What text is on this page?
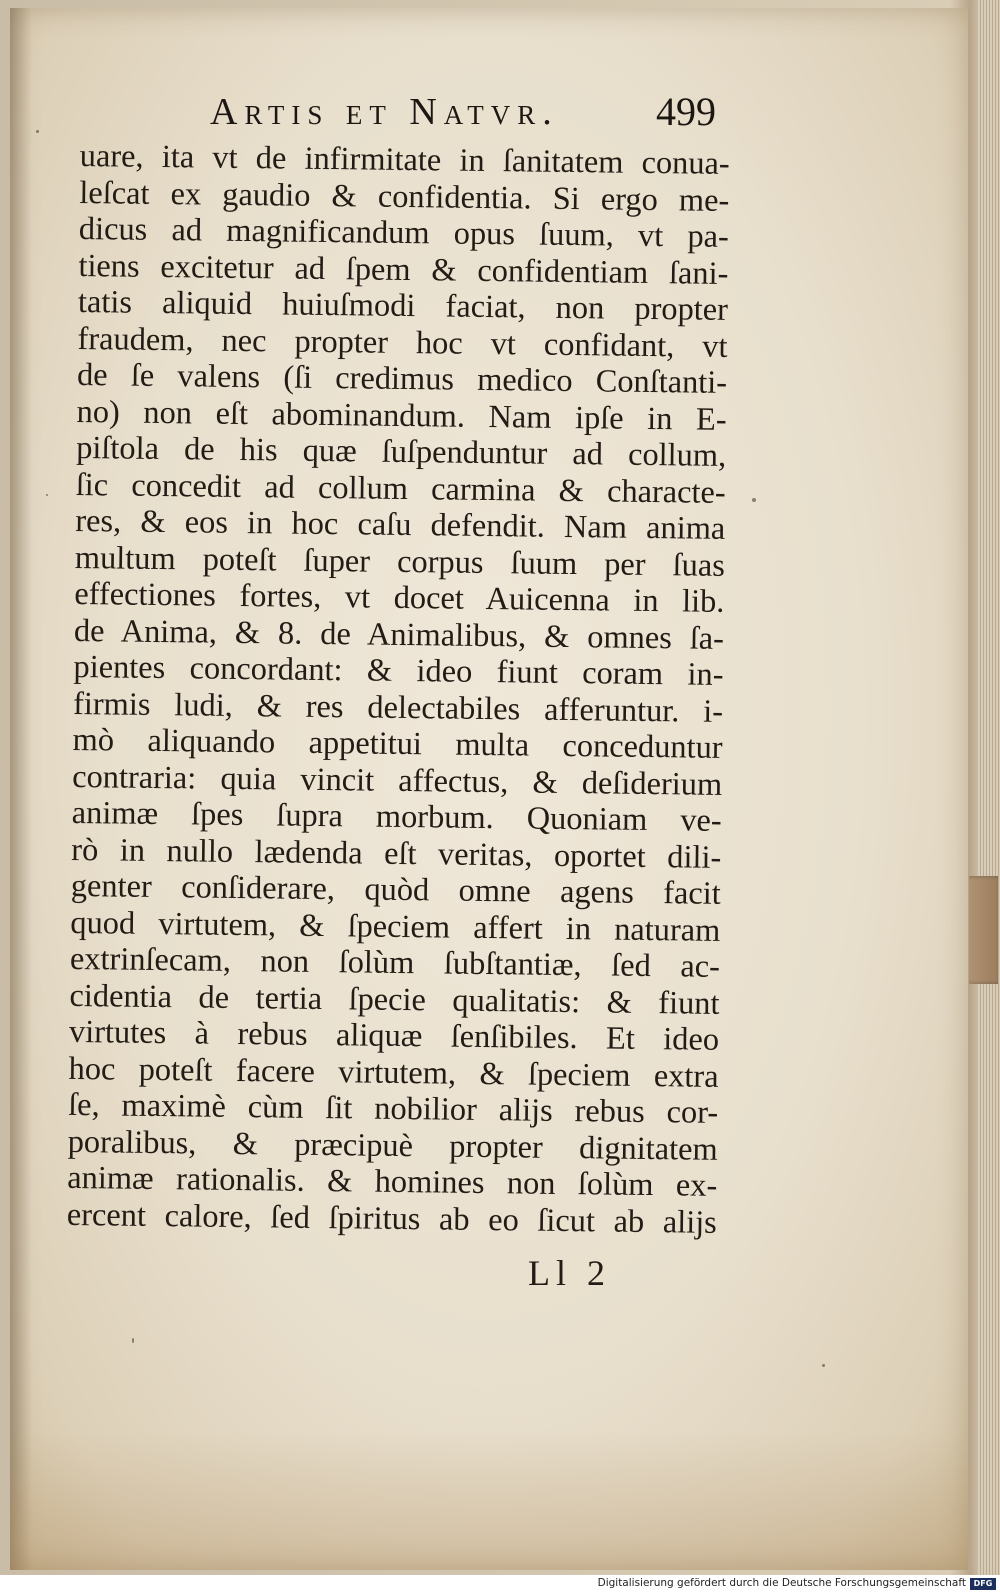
Artis et Natvr. 499
uare, ita vt de infirmitate in ſanitatem conua-
leſcat ex gaudio & confidentia. Si ergo me-
dicus ad magnificandum opus ſuum, vt pa-
tiens excitetur ad ſpem & confidentiam ſani-
tatis aliquid huiuſmodi faciat, non propter
fraudem, nec propter hoc vt confidant, vt
de ſe valens (ſi credimus medico Conſtanti-
no) non eſt abominandum. Nam ipſe in E-
piſtola de his quæ ſuſpenduntur ad collum,
ſic concedit ad collum carmina & characte-
res, & eos in hoc caſu defendit. Nam anima
multum poteſt ſuper corpus ſuum per ſuas
effectiones fortes, vt docet Auicenna in lib.
de Anima, & 8. de Animalibus, & omnes ſa-
pientes concordant: & ideo fiunt coram in-
firmis ludi, & res delectabiles afferuntur. i-
mò aliquando appetitui multa conceduntur
contraria: quia vincit affectus, & deſiderium
animæ ſpes ſupra morbum. Quoniam ve-
rò in nullo lædenda eſt veritas, oportet dili-
genter conſiderare, quòd omne agens facit
quod virtutem, & ſpeciem affert in naturam
extrinſecam, non ſolùm ſubſtantiæ, ſed ac-
cidentia de tertia ſpecie qualitatis: & fiunt
virtutes à rebus aliquæ ſenſibiles. Et ideo
hoc poteſt facere virtutem, & ſpeciem extra
ſe, maximè cùm ſit nobilior alijs rebus cor-
poralibus, & præcipuè propter dignitatem
animæ rationalis. & homines non ſolùm ex-
ercent calore, ſed ſpiritus ab eo ſicut ab alijs
Ll 2
Digitalisierung gefördert durch die Deutsche Forschungsgemeinschaft DFG
